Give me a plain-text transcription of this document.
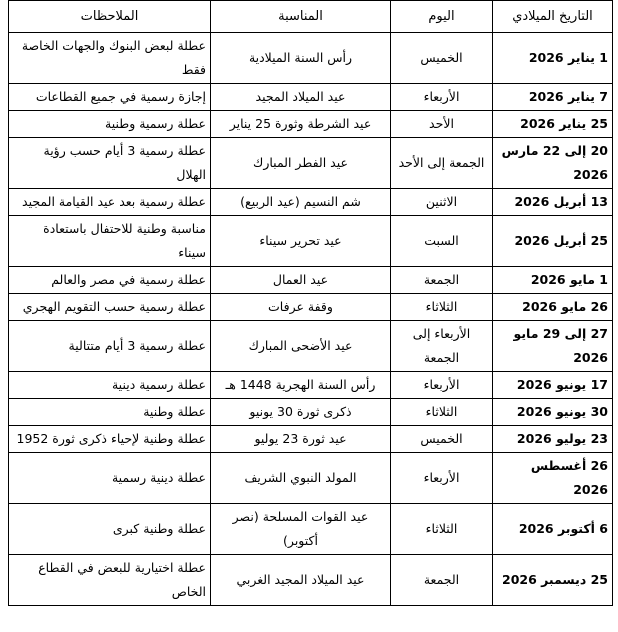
التاريخ الميلادي	اليوم	المناسبة	الملاحظات
1 يناير 2026	الخميس	رأس السنة الميلادية	عطلة لبعض البنوك والجهات الخاصة فقط
7 يناير 2026	الأربعاء	عيد الميلاد المجيد	إجازة رسمية في جميع القطاعات
25 يناير 2026	الأحد	عيد الشرطة وثورة 25 يناير	عطلة رسمية وطنية
20 إلى 22 مارس 2026	الجمعة إلى الأحد	عيد الفطر المبارك	عطلة رسمية 3 أيام حسب رؤية الهلال
13 أبريل 2026	الاثنين	شم النسيم (عيد الربيع)	عطلة رسمية بعد عيد القيامة المجيد
25 أبريل 2026	السبت	عيد تحرير سيناء	مناسبة وطنية للاحتفال باستعادة سيناء
1 مايو 2026	الجمعة	عيد العمال	عطلة رسمية في مصر والعالم
26 مايو 2026	الثلاثاء	وقفة عرفات	عطلة رسمية حسب التقويم الهجري
27 إلى 29 مايو 2026	الأربعاء إلى الجمعة	عيد الأضحى المبارك	عطلة رسمية 3 أيام متتالية
17 يونيو 2026	الأربعاء	رأس السنة الهجرية 1448 هـ	عطلة رسمية دينية
30 يونيو 2026	الثلاثاء	ذكرى ثورة 30 يونيو	عطلة وطنية
23 يوليو 2026	الخميس	عيد ثورة 23 يوليو	عطلة وطنية لإحياء ذكرى ثورة 1952
26 أغسطس 2026	الأربعاء	المولد النبوي الشريف	عطلة دينية رسمية
6 أكتوبر 2026	الثلاثاء	عيد القوات المسلحة (نصر أكتوبر)	عطلة وطنية كبرى
25 ديسمبر 2026	الجمعة	عيد الميلاد المجيد الغربي	عطلة اختيارية للبعض في القطاع الخاص
